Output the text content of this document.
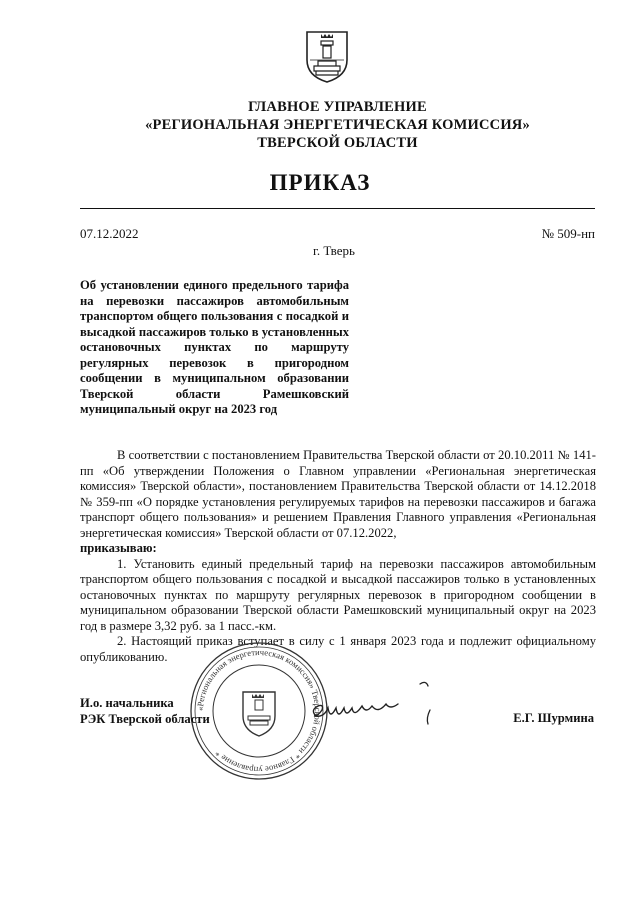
ГЛАВНОЕ УПРАВЛЕНИЕ
«РЕГИОНАЛЬНАЯ ЭНЕРГЕТИЧЕСКАЯ КОМИССИЯ»
ТВЕРСКОЙ ОБЛАСТИ
ПРИКАЗ
07.12.2022	№ 509-нп
г. Тверь
Об установлении единого предельного тарифа на перевозки пассажиров автомобильным транспортом общего пользования с посадкой и высадкой пассажиров только в установленных остановочных пунктах по маршруту регулярных перевозок в пригородном сообщении в муниципальном образовании Тверской области Рамешковский муниципальный округ на 2023 год

В соответствии с постановлением Правительства Тверской области от 20.10.2011 № 141-пп «Об утверждении Положения о Главном управлении «Региональная энергетическая комиссия» Тверской области», постановлением Правительства Тверской области от 14.12.2018 № 359-пп «О порядке установления регулируемых тарифов на перевозки пассажиров и багажа транспорт общего пользования» и решением Правления Главного управления «Региональная энергетическая комиссия» Тверской области от 07.12.2022,

приказываю:

1. Установить единый предельный тариф на перевозки пассажиров автомобильным транспортом общего пользования с посадкой и высадкой пассажиров только в установленных остановочных пунктах по маршруту регулярных перевозок в пригородном сообщении в муниципальном образовании Тверской области Рамешковский муниципальный округ на 2023 год в размере 3,32 руб. за 1 пасс.-км.

2. Настоящий приказ вступает в силу с 1 января 2023 года и подлежит официальному опубликованию.

«Региональная энергетическая комиссия» Тверской области * Главное управление *
И.о. начальника
РЭК Тверской области	Е.Г. Шурмина
